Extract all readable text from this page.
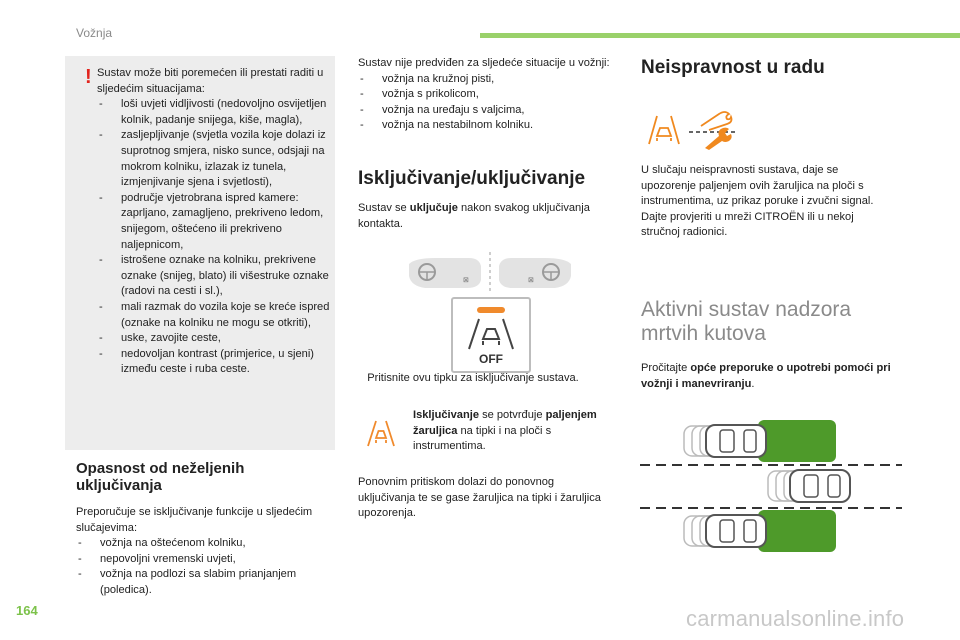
Vožnja
! Sustav može biti poremećen ili prestati raditi u sljedećim situacijama:
- loši uvjeti vidljivosti (nedovoljno osvijetljen kolnik, padanje snijega, kiše, magla),
- zasljepljivanje (svjetla vozila koje dolazi iz suprotnog smjera, nisko sunce, odsjaji na mokrom kolniku, izlazak iz tunela, izmjenjivanje sjena i svjetlosti),
- područje vjetrobrana ispred kamere: zaprljano, zamagljeno, prekriveno ledom, snijegom, oštećeno ili prekriveno naljepnicom,
- istrošene oznake na kolniku, prekrivene oznake (snijeg, blato) ili višestruke oznake (radovi na cesti i sl.),
- mali razmak do vozila koje se kreće ispred (oznake na kolniku ne mogu se otkriti),
- uske, zavojite ceste,
- nedovoljan kontrast (primjerice, u sjeni) između ceste i ruba ceste.
Opasnost od neželjenih uključivanja
Preporučuje se isključivanje funkcije u sljedećim slučajevima:
- vožnja na oštećenom kolniku,
- nepovoljni vremenski uvjeti,
- vožnja na podlozi sa slabim prianjanjem (poledica).
Sustav nije predviđen za sljedeće situacije u vožnji:
- vožnja na kružnoj pisti,
- vožnja s prikolicom,
- vožnja na uređaju s valjcima,
- vožnja na nestabilnom kolniku.
Isključivanje/uključivanje
Sustav se uključuje nakon svakog uključivanja kontakta.
⊠	⊠
OFF
Pritisnite ovu tipku za isključivanje sustava.
Isključivanje se potvrđuje paljenjem žaruljica na tipki i na ploči s instrumentima.
Ponovnim pritiskom dolazi do ponovnog uključivanja te se gase žaruljica na tipki i žaruljica upozorenja.
Neispravnost u radu
U slučaju neispravnosti sustava, daje se upozorenje paljenjem ovih žaruljica na ploči s instrumentima, uz prikaz poruke i zvučni signal.
Dajte provjeriti u mreži CITROËN ili u nekoj stručnoj radionici.
Aktivni sustav nadzora mrtvih kutova
Pročitajte opće preporuke o upotrebi pomoći pri vožnji i manevriranju.
164	carmanualsonline.info
